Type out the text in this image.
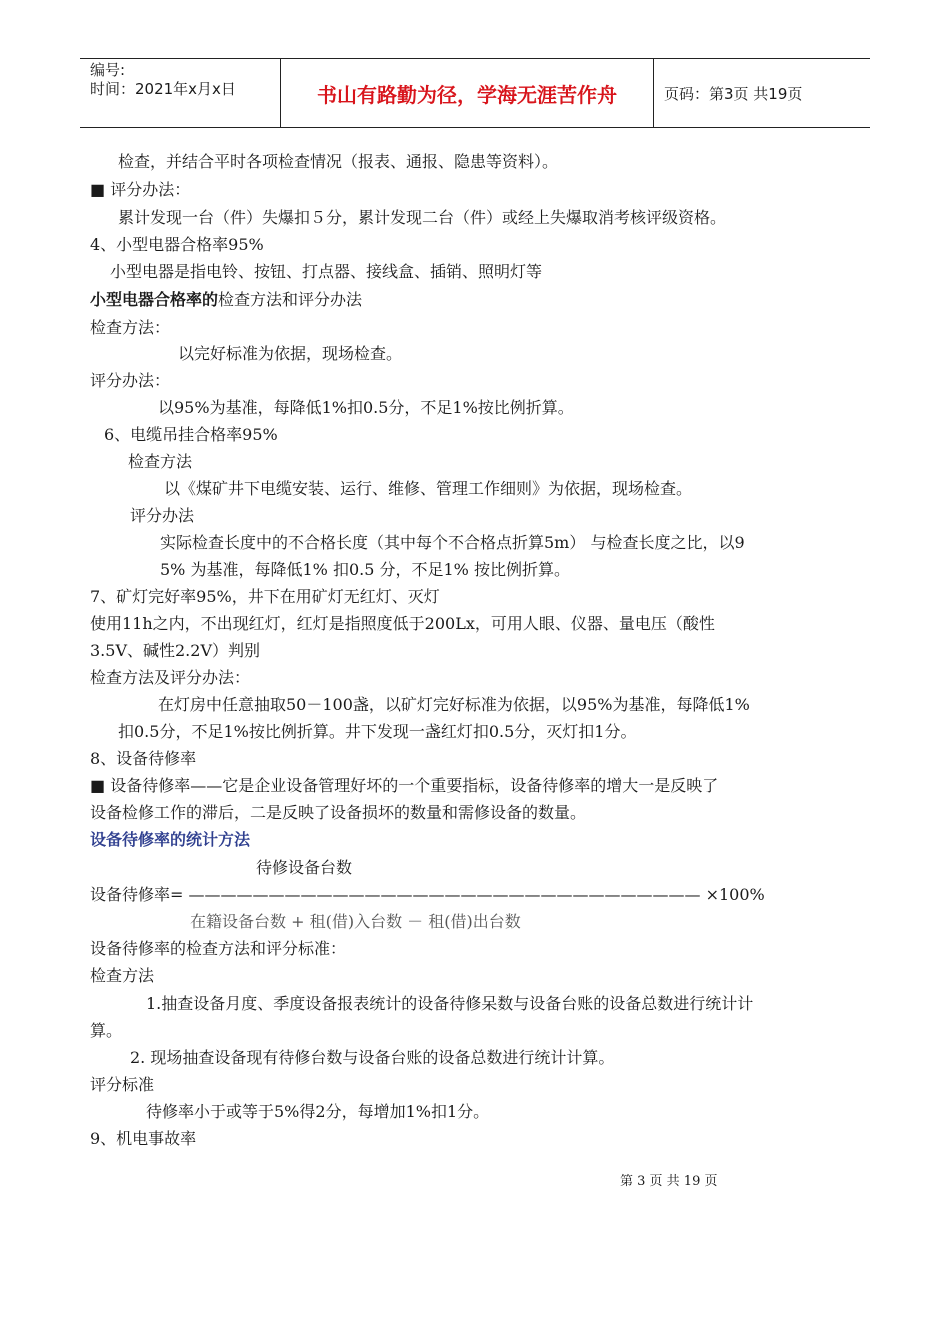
编号:
时间：2021年x月x日	书山有路勤为径，学海无涯苦作舟	页码：第3页 共19页
检查，并结合平时各项检查情况（报表、通报、隐患等资料）。
■ 评分办法：
累计发现一台（件）失爆扣５分，累计发现二台（件）或经上失爆取消考核评级资格。
4、小型电器合格率95%
小型电器是指电铃、按钮、打点器、接线盒、插销、照明灯等
小型电器合格率的检查方法和评分办法
检查方法：
以完好标准为依据，现场检查。
评分办法：
以95%为基准，每降低1%扣0.5分，不足1%按比例折算。
6、电缆吊挂合格率95%
检查方法
以《煤矿井下电缆安装、运行、维修、管理工作细则》为依据，现场检查。
评分办法
实际检查长度中的不合格长度（其中每个不合格点折算5m） 与检查长度之比，以9
5% 为基准，每降低1% 扣0.5 分，不足1% 按比例折算。
7、矿灯完好率95%，井下在用矿灯无红灯、灭灯
使用11h之内，不出现红灯，红灯是指照度低于200Lx，可用人眼、仪器、量电压（酸性
3.5V、碱性2.2V）判别
检查方法及评分办法：
在灯房中任意抽取50－100盏，以矿灯完好标准为依据，以95%为基准，每降低1%
扣0.5分，不足1%按比例折算。井下发现一盏红灯扣0.5分，灭灯扣1分。
8、设备待修率
■ 设备待修率——它是企业设备管理好坏的一个重要指标，设备待修率的增大一是反映了
设备检修工作的滞后，二是反映了设备损坏的数量和需修设备的数量。
设备待修率的统计方法
待修设备台数
设备待修率= ———————————————————————————————— ×100%
在籍设备台数 + 租(借)入台数 － 租(借)出台数
设备待修率的检查方法和评分标准：
检查方法
1.抽查设备月度、季度设备报表统计的设备待修呆数与设备台账的设备总数进行统计计
算。
2. 现场抽查设备现有待修台数与设备台账的设备总数进行统计计算。
评分标准
待修率小于或等于5%得2分，每增加1%扣1分。
9、机电事故率
第 3 页 共 19 页
